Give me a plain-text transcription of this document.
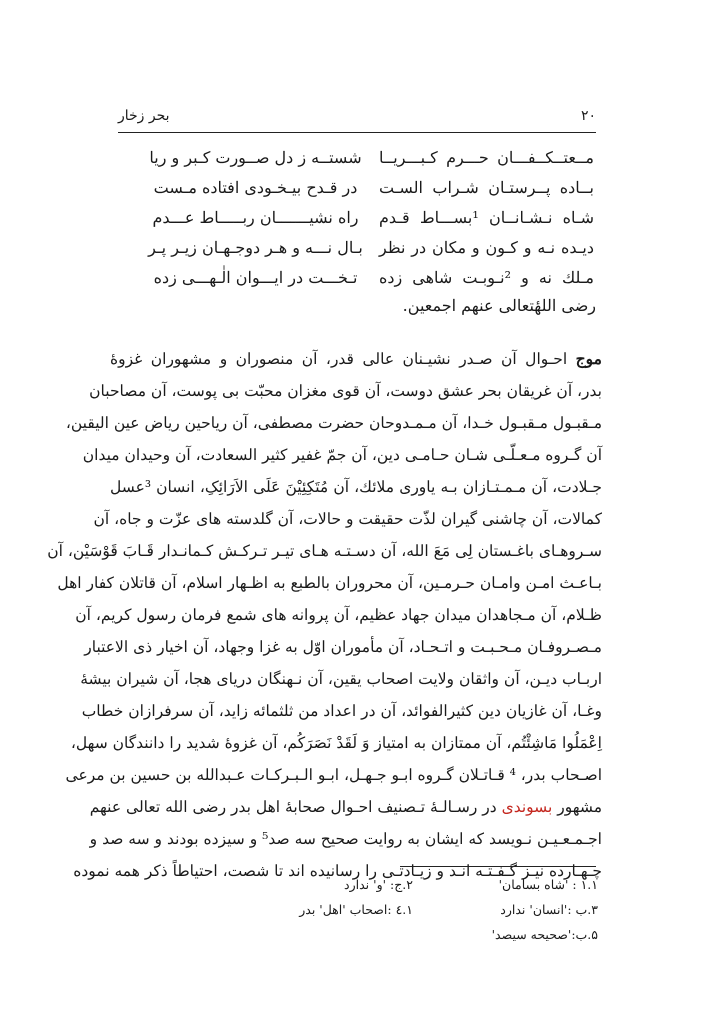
۲۰
بحر زخار
مــعتــکــفـــان حـــرم کـبـــریــا
شستــه ز دل صــورت کـبر و ریا
بــاده پــرستـان شـراب السـت
در قـدح بیـخـودی افتاده مـست
شـاه نـشـانــان ¹بســـاط قـدم
راه نشیـــــــان ربـــــاط عـــدم
دیـده نـه و کـون و مکان در نظر
بـال نـــه و هـر دوجـهـان زیـر پـر
مـلك نه و ²نـوبـت شاهی زده
تـخـــت در ایـــوان الٰـهـــی زده
رضی اللهٔتعالی عنهم اجمعین.
موج احـوال آن صـدر نشیـنان عالی قدر، آن منصوران و مشهوران غزوهٔ
بدر، آن غریقان بحر عشق دوست، آن قوی مغزان محبّت بی پوست، آن مصاحبان
مـقبـول مـقبـول خـدا، آن مـمـدوحان حضرت مصطفی، آن ریاحین ریاض عین الیقین،
آن گـروه مـعـلّـی شـان حـامـی دین، آن جمّ غفیر کثیر السعادت، آن وحیدان میدان
جـلادت، آن مـمـتـازان بـه یاوری ملائك، آن مُتَکِئِیْنَ عَلَی الاَرَائِکِ، انسان ³عسل
کمالات، آن چاشنی گیران لذّت حقیقت و حالات، آن گلدسته های عزّت و جاه، آن
سـروهـای باغـستان لِی مَعَ الله، آن دسـتـه هـای تیـر تـرکـش کـمانـدار قَـابَ قَوْسَیْن، آن
بـاعـث امـن وامـان حـرمـین، آن محروران بالطبع به اظـهار اسلام، آن قاتلان کفار اهل
ظـلام، آن مـجاهدان میدان جهاد عظیم، آن پروانه های شمع فرمان رسول کریم، آن
مـصـروفـان مـحـبـت و اتـحـاد، آن مأموران اوّل به غزا وجهاد، آن اخیار ذی الاعتبار
اربـاب دیـن، آن واثقان ولایت اصحاب یقین، آن نـهنگان دریای هجا، آن شیران بیشهٔ
وغـا، آن غازیان دین کثیرالفوائد، آن در اعداد من ثلثمائه زاید، آن سرفرازان خطاب
اِعْمَلُوا مَاشِئْتُم، آن ممتازان به امتیاز وَ لَقَدْ نَصَرَکُم، آن غزوهٔ شدید را دانندگان سهل،
اصـحاب بدر، ⁴ قـاتـلان گـروه ابـو جـهـل، ابـو الـبـرکـات عـبدالله بن حسین بن مرعی
مشهور بسوندی در رسـالـهٔ تـصنیف احـوال صحابهٔ اهل بدر رضی الله تعالی عنهم
اجـمـعـیـن نـویسد که ایشان به روایت صحیح سه صد⁵ و سیزده بودند و سه صد و
چـهـارده نیـز گـفـتـه انـد و زیـادتـی را رسانیده اند تا شصت، احتیاطاً ذکر همه نموده
۱.۱ : 'شاه بسامان'
۲.ج: 'و' ندارد
۳.ب :'انسان' ندارد
۱.٤ :اصحاب 'اهل' بدر
۵.ب:'صحیحه سیصد'
